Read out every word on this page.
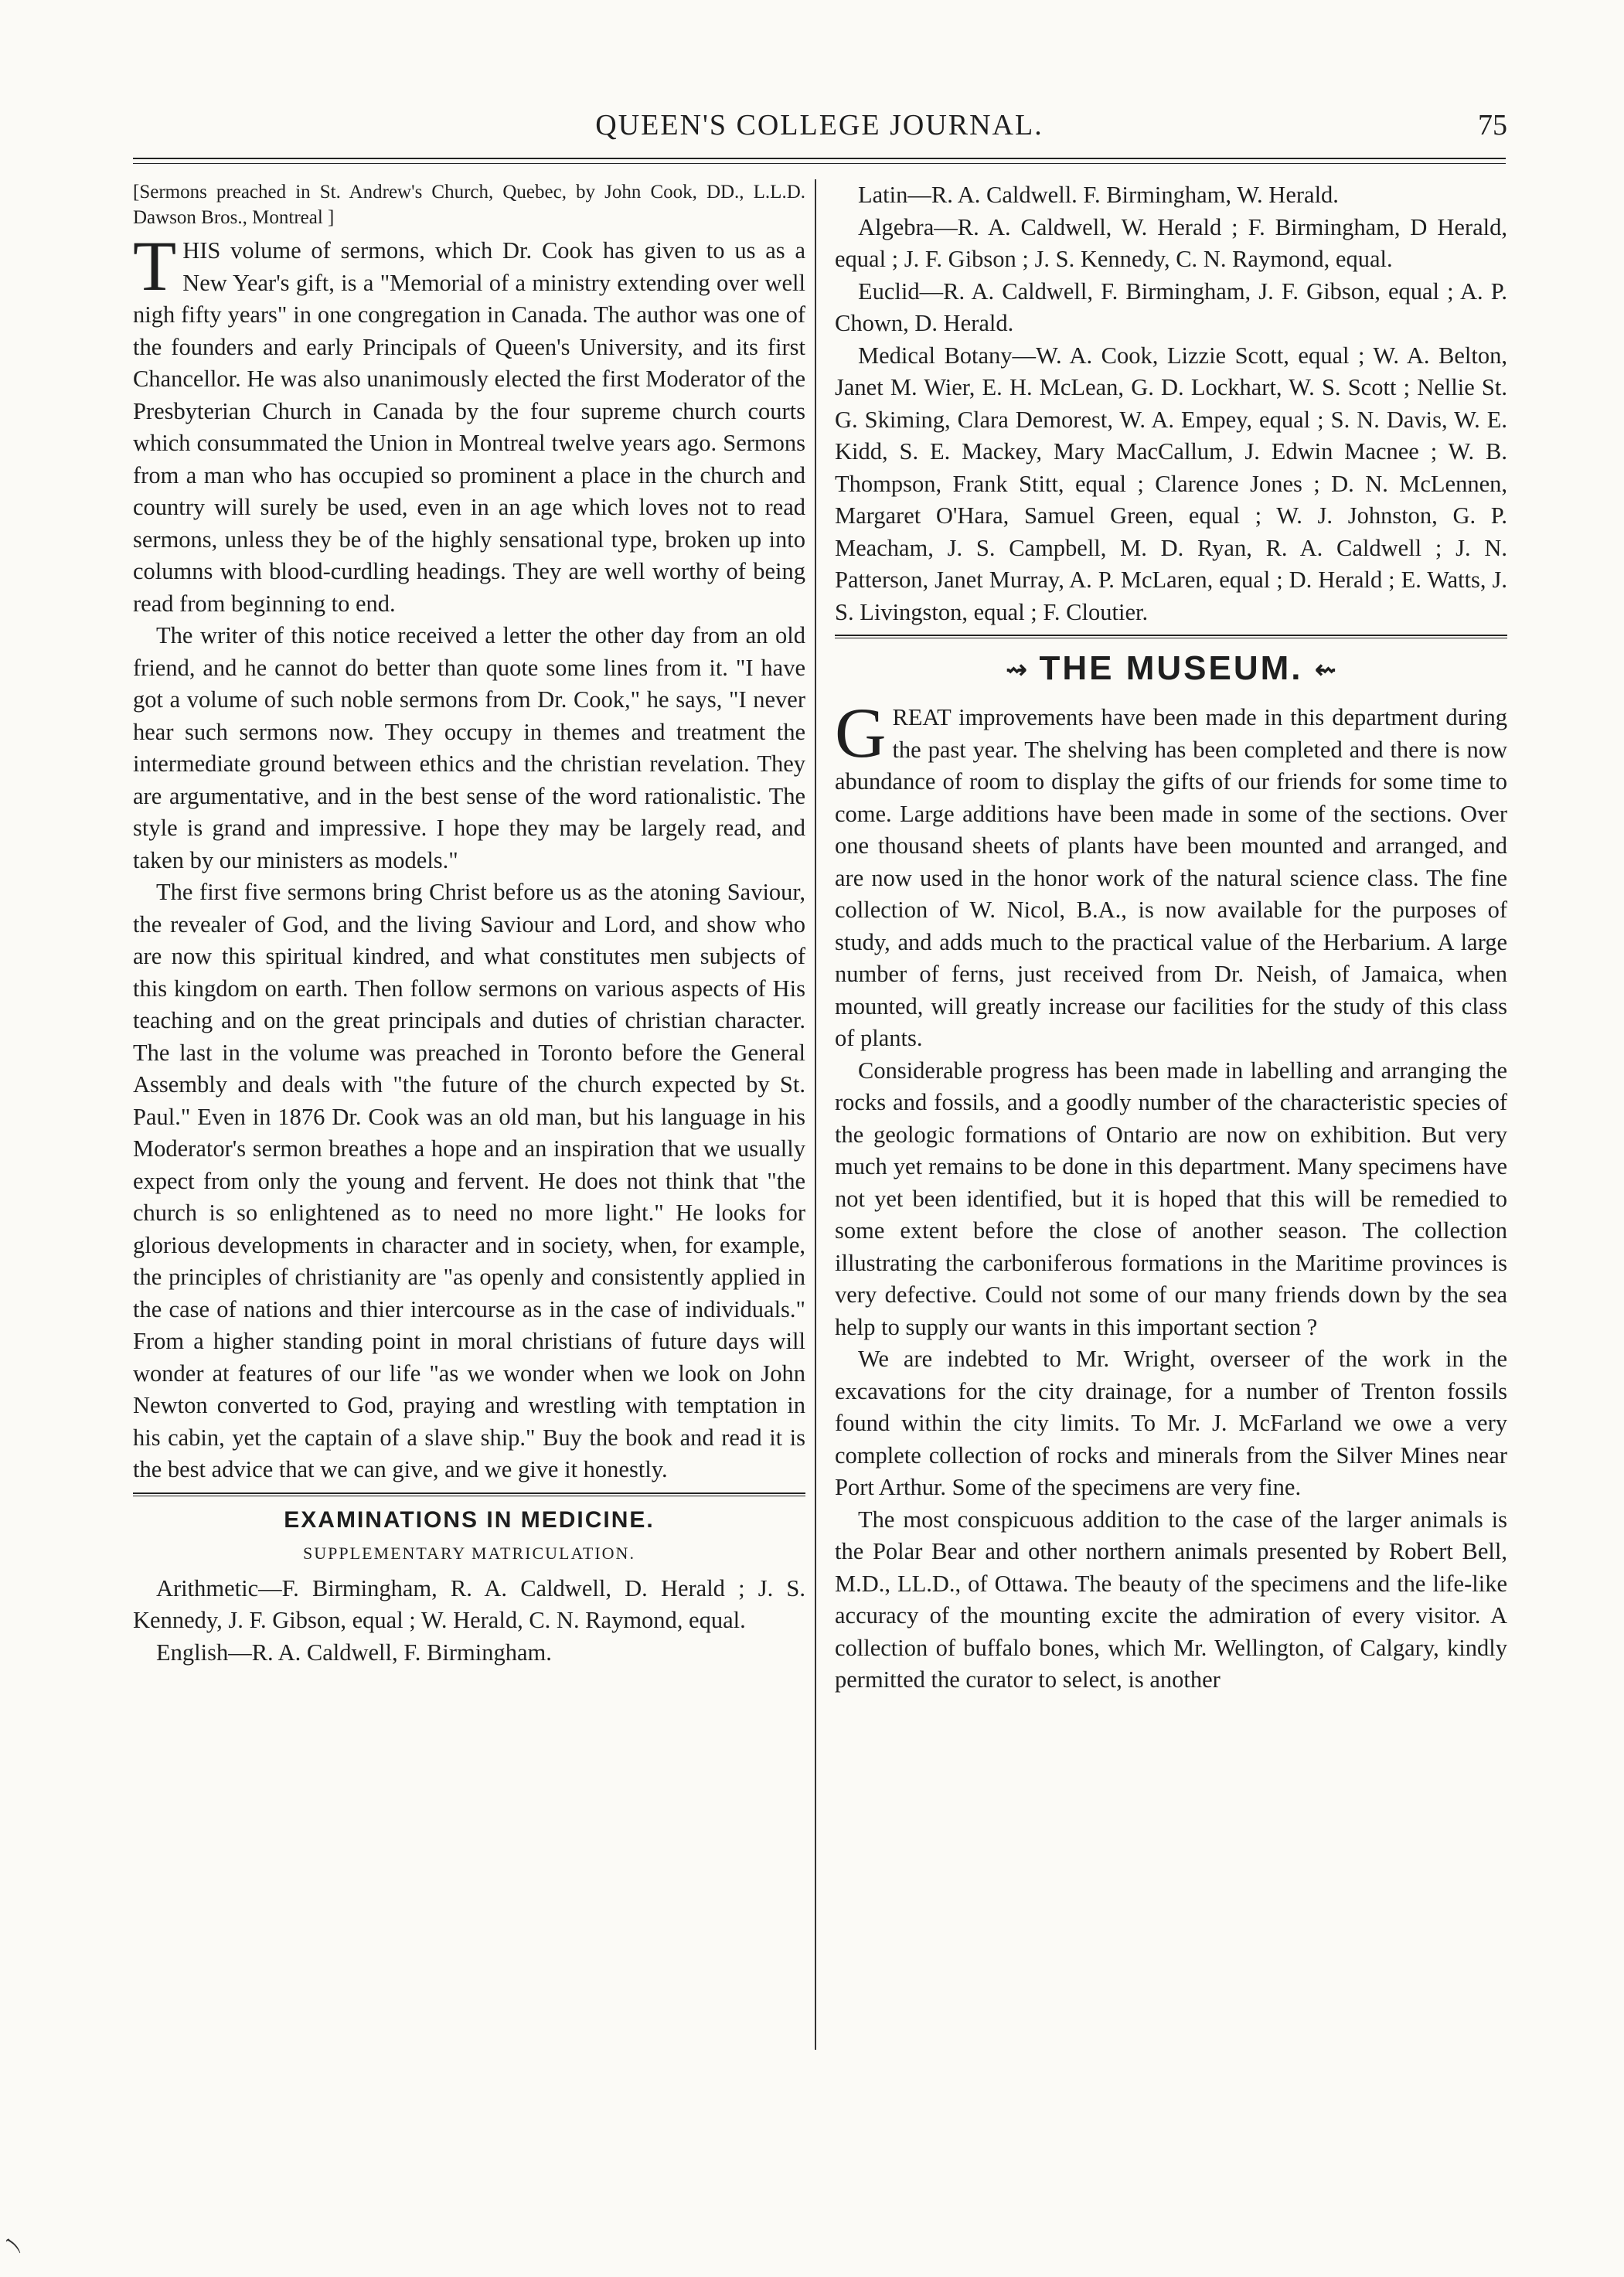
QUEEN'S COLLEGE JOURNAL.	75

[Sermons preached in St. Andrew's Church, Quebec, by John Cook, DD., L.L.D. Dawson Bros., Montreal ]

THIS volume of sermons, which Dr. Cook has given to us as a New Year's gift, is a "Memorial of a ministry extending over well nigh fifty years" in one congregation in Canada. The author was one of the founders and early Principals of Queen's University, and its first Chancellor. He was also unanimously elected the first Moderator of the Presbyterian Church in Canada by the four supreme church courts which consummated the Union in Montreal twelve years ago. Sermons from a man who has occupied so prominent a place in the church and country will surely be used, even in an age which loves not to read sermons, unless they be of the highly sensational type, broken up into columns with blood-curdling headings. They are well worthy of being read from beginning to end.

The writer of this notice received a letter the other day from an old friend, and he cannot do better than quote some lines from it. "I have got a volume of such noble sermons from Dr. Cook," he says, "I never hear such sermons now. They occupy in themes and treatment the intermediate ground between ethics and the christian revelation. They are argumentative, and in the best sense of the word rationalistic. The style is grand and impressive. I hope they may be largely read, and taken by our ministers as models."

The first five sermons bring Christ before us as the atoning Saviour, the revealer of God, and the living Saviour and Lord, and show who are now this spiritual kindred, and what constitutes men subjects of this kingdom on earth. Then follow sermons on various aspects of His teaching and on the great principals and duties of christian character. The last in the volume was preached in Toronto before the General Assembly and deals with "the future of the church expected by St. Paul." Even in 1876 Dr. Cook was an old man, but his language in his Moderator's sermon breathes a hope and an inspiration that we usually expect from only the young and fervent. He does not think that "the church is so enlightened as to need no more light." He looks for glorious developments in character and in society, when, for example, the principles of christianity are "as openly and consistently applied in the case of nations and thier intercourse as in the case of individuals." From a higher standing point in moral christians of future days will wonder at features of our life "as we wonder when we look on John Newton converted to God, praying and wrestling with temptation in his cabin, yet the captain of a slave ship." Buy the book and read it is the best advice that we can give, and we give it honestly.

EXAMINATIONS IN MEDICINE.
SUPPLEMENTARY MATRICULATION.

Arithmetic—F. Birmingham, R. A. Caldwell, D. Herald ; J. S. Kennedy, J. F. Gibson, equal ; W. Herald, C. N. Raymond, equal.

English—R. A. Caldwell, F. Birmingham.

Latin—R. A. Caldwell. F. Birmingham, W. Herald.

Algebra—R. A. Caldwell, W. Herald ; F. Birmingham, D Herald, equal ; J. F. Gibson ; J. S. Kennedy, C. N. Raymond, equal.

Euclid—R. A. Caldwell, F. Birmingham, J. F. Gibson, equal ; A. P. Chown, D. Herald.

Medical Botany—W. A. Cook, Lizzie Scott, equal ; W. A. Belton, Janet M. Wier, E. H. McLean, G. D. Lockhart, W. S. Scott ; Nellie St. G. Skiming, Clara Demorest, W. A. Empey, equal ; S. N. Davis, W. E. Kidd, S. E. Mackey, Mary MacCallum, J. Edwin Macnee ; W. B. Thompson, Frank Stitt, equal ; Clarence Jones ; D. N. McLennen, Margaret O'Hara, Samuel Green, equal ; W. J. Johnston, G. P. Meacham, J. S. Campbell, M. D. Ryan, R. A. Caldwell ; J. N. Patterson, Janet Murray, A. P. McLaren, equal ; D. Herald ; E. Watts, J. S. Livingston, equal ; F. Cloutier.

⇝ THE MUSEUM. ⇜

GREAT improvements have been made in this department during the past year. The shelving has been completed and there is now abundance of room to display the gifts of our friends for some time to come. Large additions have been made in some of the sections. Over one thousand sheets of plants have been mounted and arranged, and are now used in the honor work of the natural science class. The fine collection of W. Nicol, B.A., is now available for the purposes of study, and adds much to the practical value of the Herbarium. A large number of ferns, just received from Dr. Neish, of Jamaica, when mounted, will greatly increase our facilities for the study of this class of plants.

Considerable progress has been made in labelling and arranging the rocks and fossils, and a goodly number of the characteristic species of the geologic formations of Ontario are now on exhibition. But very much yet remains to be done in this department. Many specimens have not yet been identified, but it is hoped that this will be remedied to some extent before the close of another season. The collection illustrating the carboniferous formations in the Maritime provinces is very defective. Could not some of our many friends down by the sea help to supply our wants in this important section ?

We are indebted to Mr. Wright, overseer of the work in the excavations for the city drainage, for a number of Trenton fossils found within the city limits. To Mr. J. McFarland we owe a very complete collection of rocks and minerals from the Silver Mines near Port Arthur. Some of the specimens are very fine.

The most conspicuous addition to the case of the larger animals is the Polar Bear and other northern animals presented by Robert Bell, M.D., LL.D., of Ottawa. The beauty of the specimens and the life-like accuracy of the mounting excite the admiration of every visitor. A collection of buffalo bones, which Mr. Wellington, of Calgary, kindly permitted the curator to select, is another

ﾉ
